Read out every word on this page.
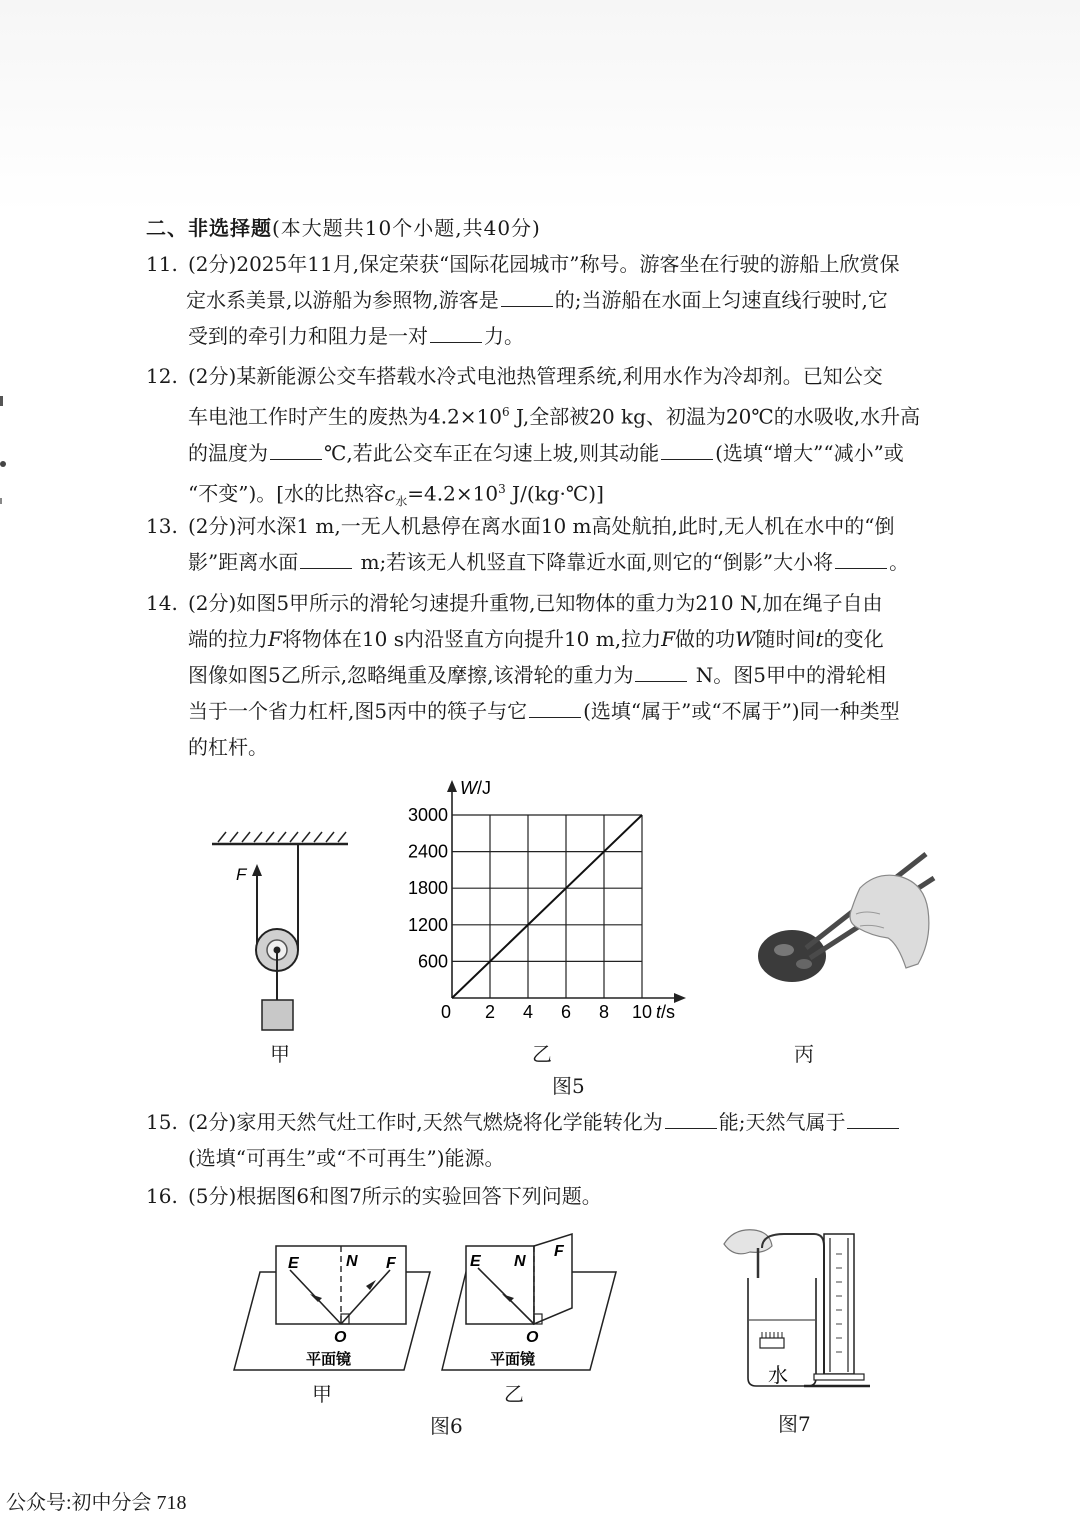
二、非选择题(本大题共10个小题,共40分)
11. (2分)2025年11月,保定荣获“国际花园城市”称号。游客坐在行驶的游船上欣赏保

定水系美景,以游船为参照物,游客是	的;当游船在水面上匀速直线行驶时,它

受到的牵引力和阻力是一对	力。

12. (2分)某新能源公交车搭载水冷式电池热管理系统,利用水作为冷却剂。已知公交

车电池工作时产生的废热为$4.2\times 10^6$ J,全部被20 kg、初温为20℃的水吸收,水升高

的温度为	℃,若此公交车正在匀速上坡,则其动能	(选填“增大”“减小”或

“不变”)。[水的比热容$c_水=4.2\times 10^3$ J/(kg·℃)]

13. (2分)河水深1 m,一无人机悬停在离水面10 m高处航拍,此时,无人机在水中的“倒

影”距离水面	m;若该无人机竖直下降靠近水面,则它的“倒影”大小将	。

14. (2分)如图5甲所示的滑轮匀速提升重物,已知物体的重力为210 N,加在绳子自由

端的拉力F将物体在10 s内沿竖直方向提升10 m,拉力F做的功W随时间t的变化

图像如图5乙所示,忽略绳重及摩擦,该滑轮的重力为	N。图5甲中的滑轮相

当于一个省力杠杆,图5丙中的筷子与它	(选填“属于”或“不属于”)同一种类型

的杠杆。

F
甲
0 2 4 6 8 10
600
1200
1800
2400
3000
W/J
t/s
乙	丙
图5
15. (2分)家用天然气灶工作时,天然气燃烧将化学能转化为	能;天然气属于

(选填“可再生”或“不可再生”)能源。

16. (5分)根据图6和图7所示的实验回答下列问题。

E	N F
O
平面镜
甲
E N
F
O
平面镜
乙
图6
水
图7
公众号:初中分会 718
